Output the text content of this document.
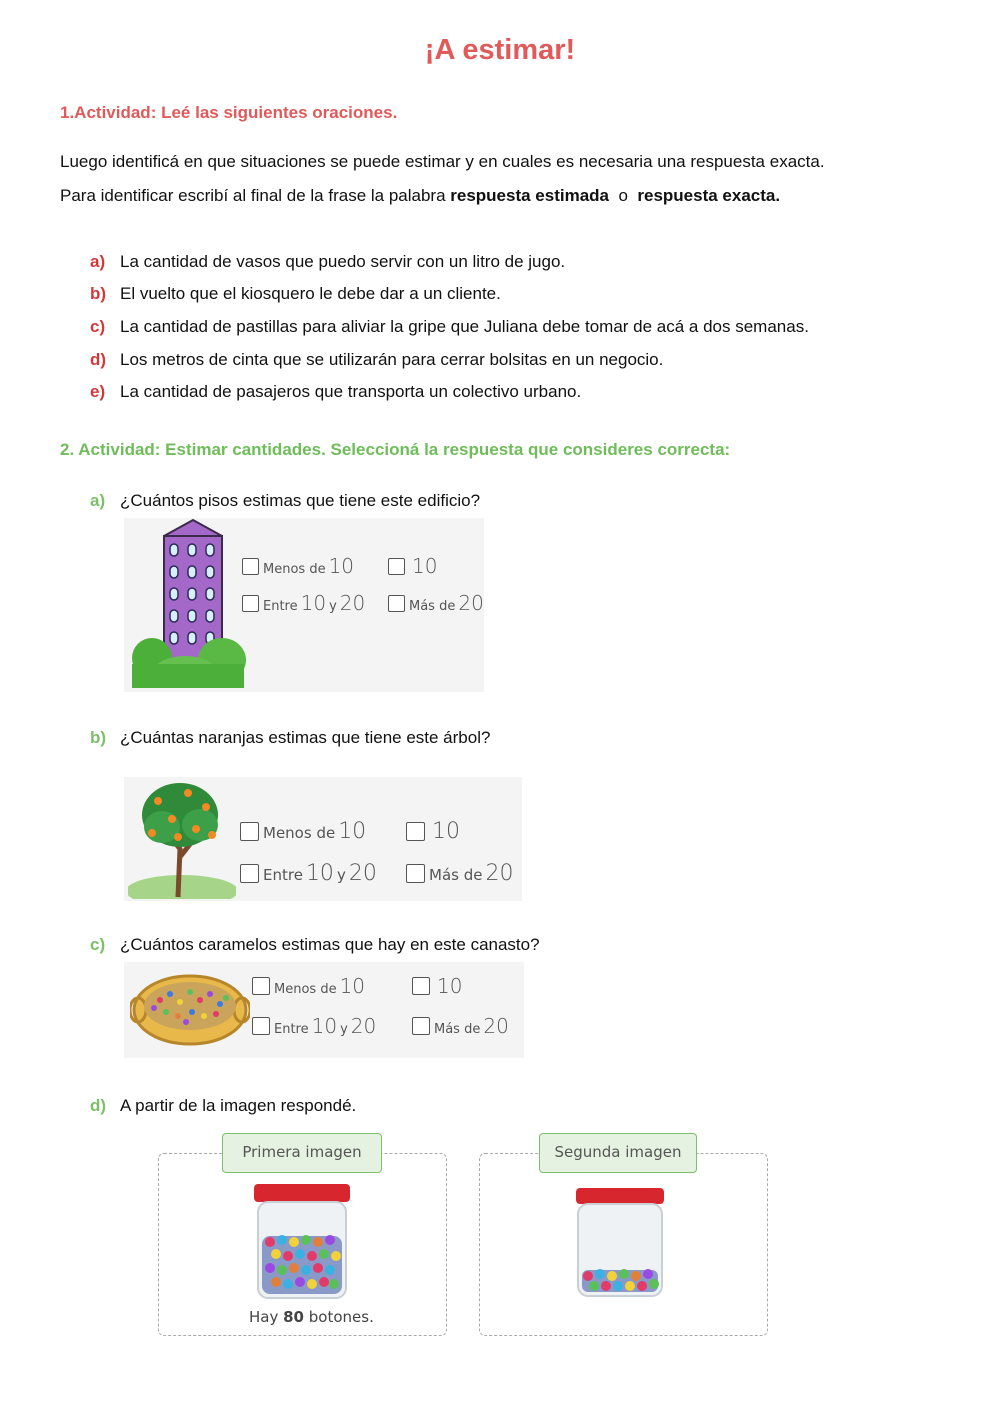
¡A estimar!
1.Actividad: Leé las siguientes oraciones.
Luego identificá en que situaciones se puede estimar y en cuales es necesaria una respuesta exacta.
Para identificar escribí al final de la frase la palabra respuesta estimada  o  respuesta exacta.
a) La cantidad de vasos que puedo servir con un litro de jugo.
b) El vuelto que el kiosquero le debe dar a un cliente.
c) La cantidad de pastillas para aliviar la gripe que Juliana debe tomar de acá a dos semanas.
d) Los metros de cinta que se utilizarán para cerrar bolsitas en un negocio.
e) La cantidad de pasajeros que transporta un colectivo urbano.
2. Actividad: Estimar cantidades. Seleccioná la respuesta que consideres correcta:
a) ¿Cuántos pisos estimas que tiene este edificio?
Menos de 10	10
Entre 10 y 20	Más de 20
b) ¿Cuántas naranjas estimas que tiene este árbol?
Menos de 10	10
Entre 10 y 20	Más de 20
c) ¿Cuántos caramelos estimas que hay en este canasto?
Menos de 10	10
Entre 10 y 20	Más de 20
d) A partir de la imagen respondé.
Primera imagen
Hay 80 botones.
Segunda imagen
